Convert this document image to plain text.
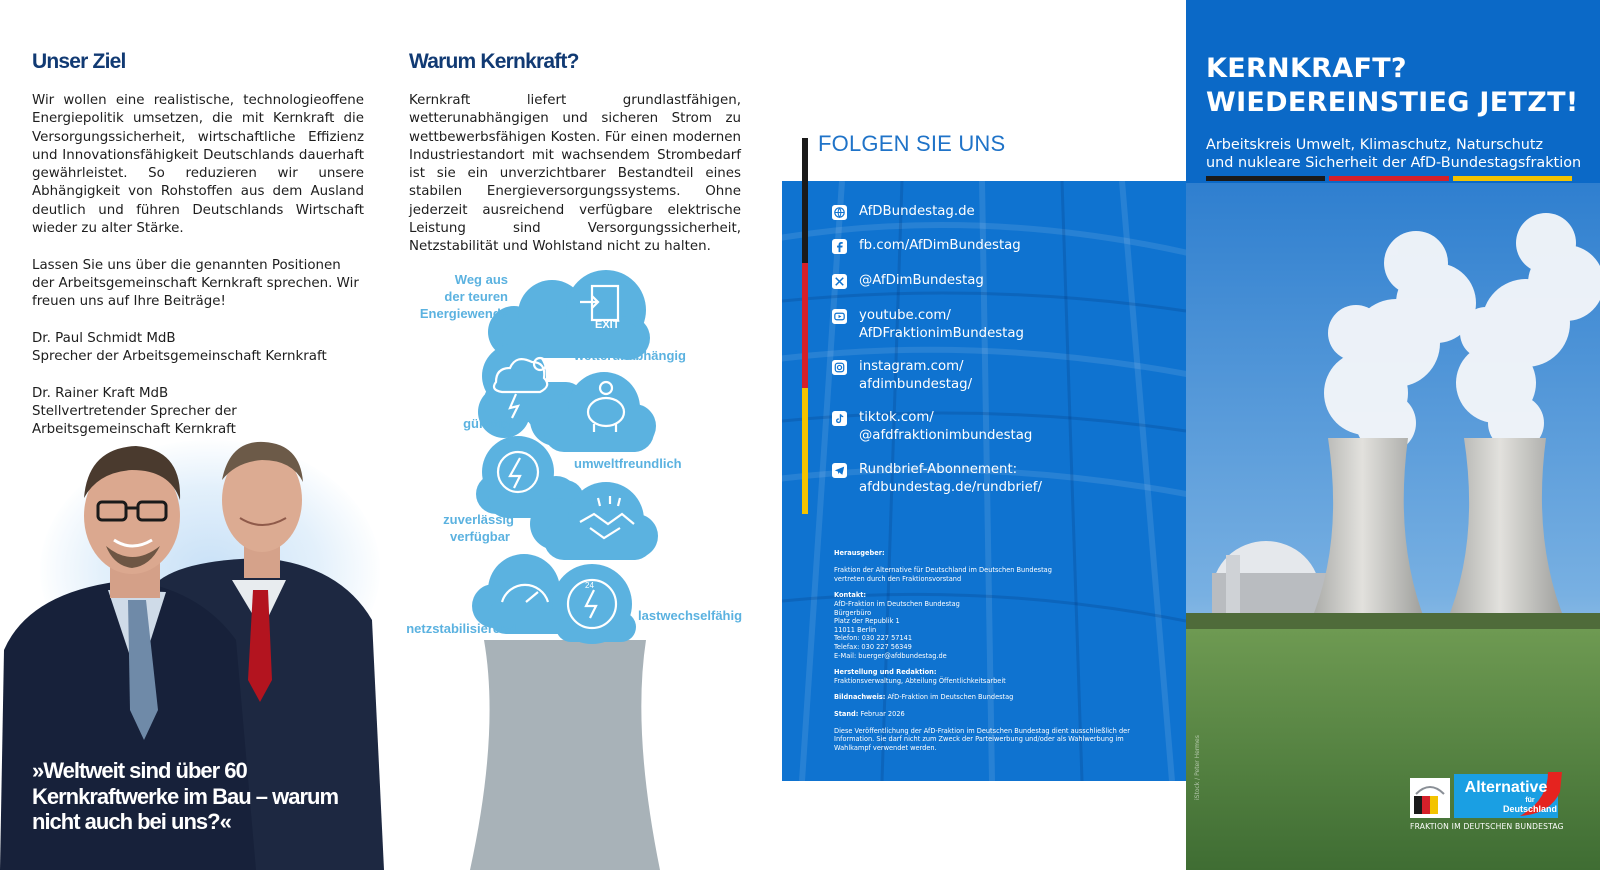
Unser Ziel

Wir wollen eine realistische, technologieoffene Energiepolitik umsetzen, die mit Kernkraft die Versorgungssicherheit, wirtschaftliche Effizienz und Innovationsfähigkeit Deutschlands dauerhaft gewährleistet. So reduzieren wir unsere Abhängigkeit von Rohstoffen aus dem Ausland deutlich und führen Deutschlands Wirtschaft wieder zu alter Stärke.

Lassen Sie uns über die genannten Positionen der Arbeitsgemeinschaft Kernkraft sprechen. Wir freuen uns auf Ihre Beiträge!

Dr. Paul Schmidt MdB
Sprecher der Arbeitsgemeinschaft Kernkraft

Dr. Rainer Kraft MdB
Stellvertretender Sprecher der Arbeitsgemeinschaft Kernkraft

»Weltweit sind über 60 Kernkraftwerke im Bau – warum nicht auch bei uns?«
Warum Kernkraft?
Kernkraft liefert grundlastfähigen, wetterunabhängigen und sicheren Strom zu wettbewerbsfähigen Kosten. Für einen modernen Industriestandort mit wachsendem Strombedarf ist sie ein unverzichtbarer Bestandteil eines stabilen Energieversorgungssystems. Ohne jederzeit ausreichend verfügbare elektrische Leistung sind Versorgungssicherheit, Netzstabilität und Wohlstand nicht zu halten.
EXIT
24
Weg aus
der teuren
Energiewende
wetterunabhängig
günstig
umweltfreundlich
zuverlässig
verfügbar
netzstabilisierend
lastwechselfähig
FOLGEN SIE UNS
AfDBundestag.de
fb.com/AfDimBundestag
@AfDimBundestag
youtube.com/
AfDFraktionimBundestag
instagram.com/
afdimbundestag/
tiktok.com/
@afdfraktionimbundestag
Rundbrief-Abonnement:
afdbundestag.de/rundbrief/
Herausgeber:

Fraktion der Alternative für Deutschland im Deutschen Bundestag
vertreten durch den Fraktionsvorstand
Kontakt:
AfD-Fraktion im Deutschen Bundestag
Bürgerbüro
Platz der Republik 1
11011 Berlin
Telefon: 030 227 57141
Telefax: 030 227 56349
E-Mail: buerger@afdbundestag.de
Herstellung und Redaktion:
Fraktionsverwaltung, Abteilung Öffentlichkeitsarbeit
Bildnachweis: AfD-Fraktion im Deutschen Bundestag
Stand: Februar 2026
Diese Veröffentlichung der AfD-Fraktion im Deutschen Bundestag dient ausschließlich der Information. Sie darf nicht zum Zweck der Parteiwerbung und/oder als Wahlwerbung im Wahlkampf verwendet werden.
KERNKRAFT?
WIEDEREINSTIEG JETZT!
Arbeitskreis Umwelt, Klimaschutz, Naturschutz
und nukleare Sicherheit der AfD-Bundestagsfraktion
Alternative
für
Deutschland
FRAKTION IM DEUTSCHEN BUNDESTAG
iStock / Peter Hermes
